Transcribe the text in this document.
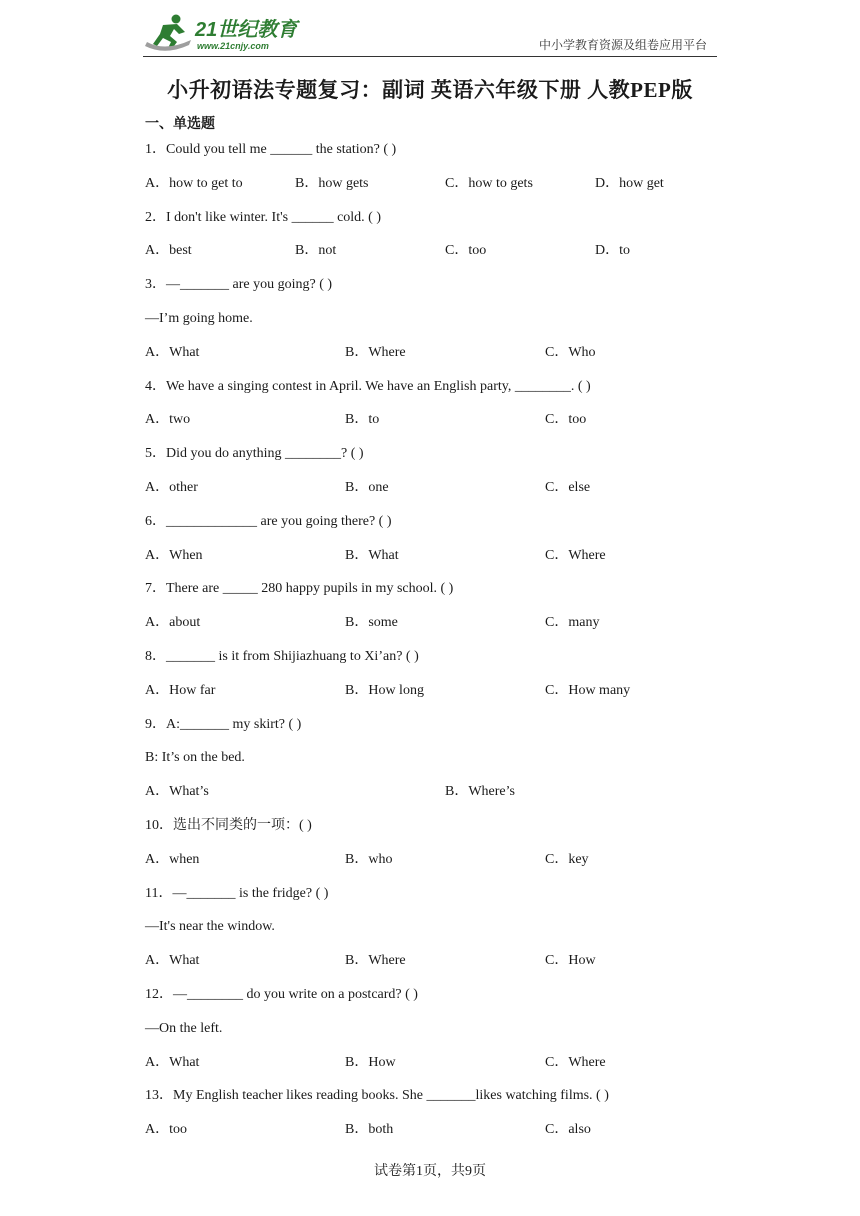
21世纪教育
www.21cnjy.com	中小学教育资源及组卷应用平台
小升初语法专题复习：副词 英语六年级下册 人教PEP版
一、单选题
1．Could you tell me ______ the station? ( )
A．how to get to	B．how gets	C．how to gets	D．how get
2．I don't like winter. It's ______ cold. ( )
A．best	B．not	C．too	D．to
3．—_______ are you going? ( )
—I’m going home.
A．What	B．Where	C．Who
4．We have a singing contest in April. We have an English party, ________. ( )
A．two	B．to	C．too
5．Did you do anything ________? ( )
A．other	B．one	C．else
6．_____________ are you going there? ( )
A．When	B．What	C．Where
7．There are _____ 280 happy pupils in my school. ( )
A．about	B．some	C．many
8．_______ is it from Shijiazhuang to Xi’an? ( )
A．How far	B．How long	C．How many
9．A:_______ my skirt? ( )
B: It’s on the bed.
A．What’s	B．Where’s
10．选出不同类的一项：( )
A．when	B．who	C．key
11．—_______ is the fridge? ( )
—It's near the window.
A．What	B．Where	C．How
12．—________ do you write on a postcard? ( )
—On the left.
A．What	B．How	C．Where
13．My English teacher likes reading books. She _______likes watching films. ( )
A．too	B．both	C．also
试卷第1页，共9页
